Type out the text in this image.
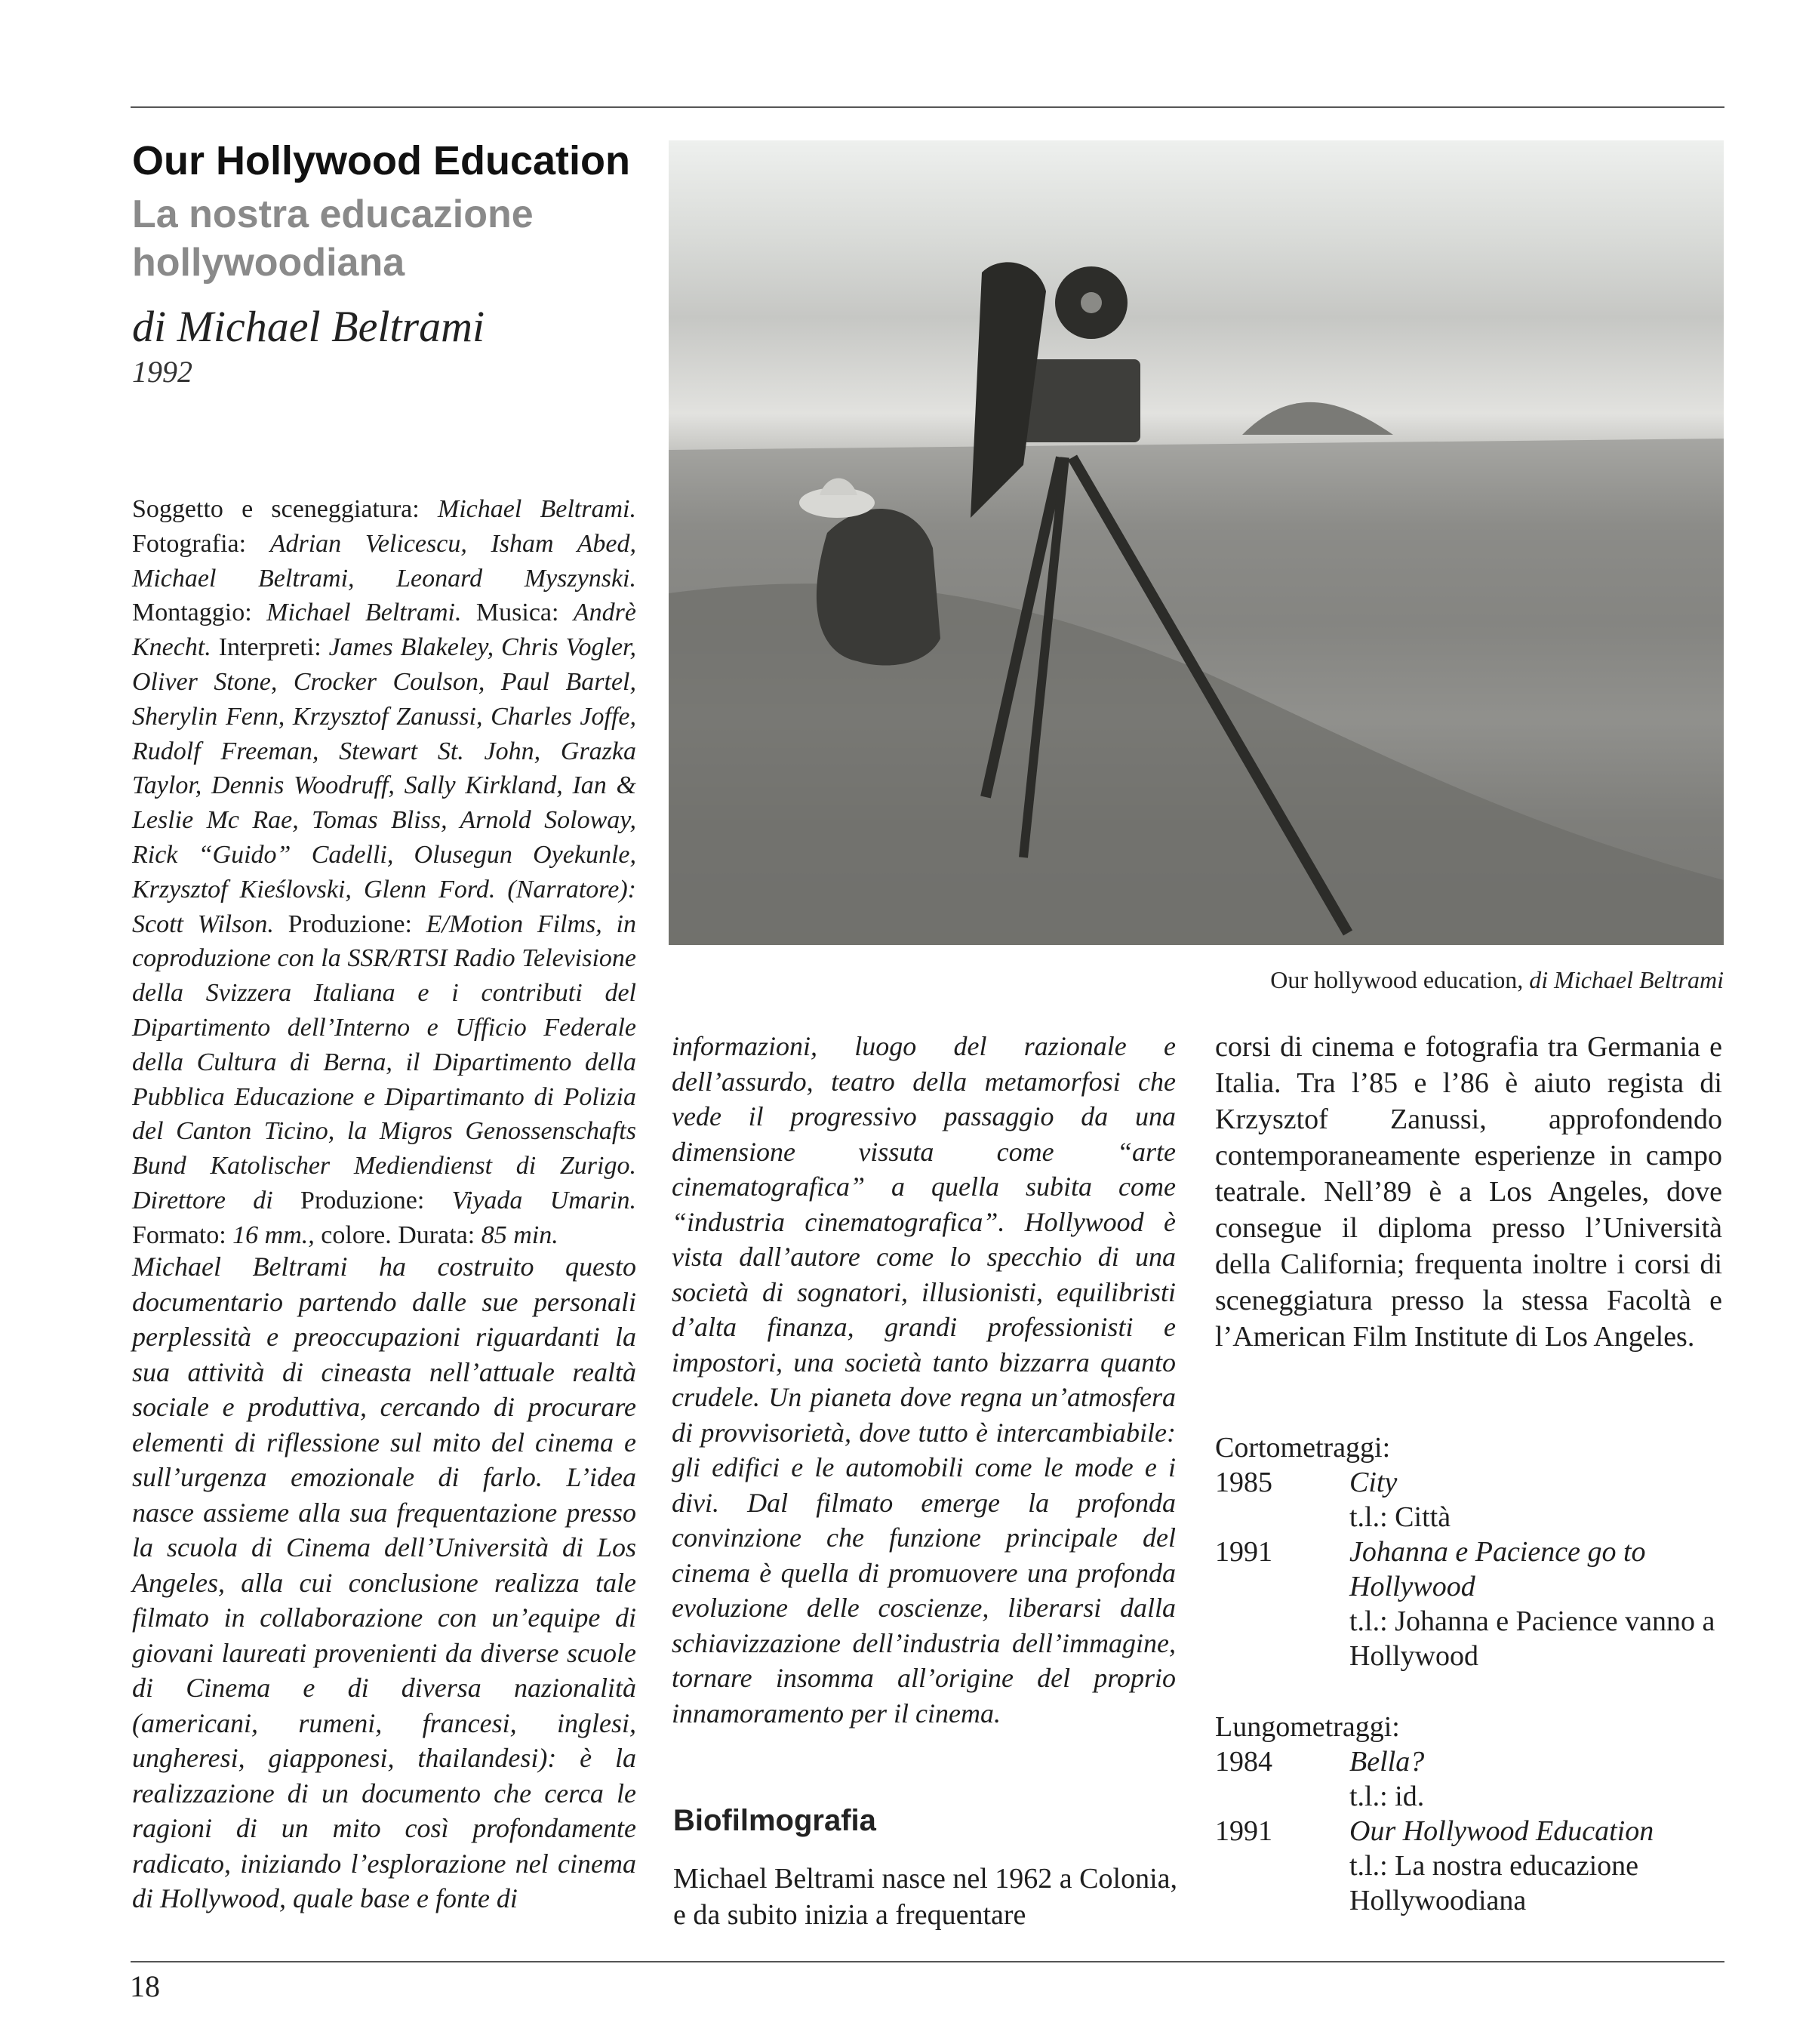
Our Hollywood Education
La nostra educazione hollywoodiana
di Michael Beltrami
1992
Soggetto e sceneggiatura: Michael Beltrami. Fotografia: Adrian Velicescu, Isham Abed, Michael Beltrami, Leonard Myszynski. Montaggio: Michael Beltrami. Musica: Andrè Knecht. Interpreti: James Blakeley, Chris Vogler, Oliver Stone, Crocker Coulson, Paul Bartel, Sherylin Fenn, Krzysztof Zanussi, Charles Joffe, Rudolf Freeman, Stewart St. John, Grazka Taylor, Dennis Woodruff, Sally Kirkland, Ian & Leslie Mc Rae, Tomas Bliss, Arnold Soloway, Rick “Guido” Cadelli, Olusegun Oyekunle, Krzysztof Kieślovski, Glenn Ford. (Narratore): Scott Wilson. Produzione: E/Motion Films, in coproduzione con la SSR/RTSI Radio Televisione della Svizzera Italiana e i contributi del Dipartimento dell’Interno e Ufficio Federale della Cultura di Berna, il Dipartimento della Pubblica Educazione e Dipartimanto di Polizia del Canton Ticino, la Migros Genossenschafts Bund Katolischer Mediendienst di Zurigo. Direttore di Produzione: Viyada Umarin. Formato: 16 mm., colore. Durata: 85 min.
Michael Beltrami ha costruito questo documentario partendo dalle sue personali perplessità e preoccupazioni riguardanti la sua attività di cineasta nell’attuale realtà sociale e produttiva, cercando di procurare elementi di riflessione sul mito del cinema e sull’urgenza emozionale di farlo. L’idea nasce assieme alla sua frequentazione presso la scuola di Cinema dell’Università di Los Angeles, alla cui conclusione realizza tale filmato in collaborazione con un’equipe di giovani laureati provenienti da diverse scuole di Cinema e di diversa nazionalità (americani, rumeni, francesi, inglesi, ungheresi, giapponesi, thailandesi): è la realizzazione di un documento che cerca le ragioni di un mito così profondamente radicato, iniziando l’esplorazione nel cinema di Hollywood, quale base e fonte di
Our hollywood education, di Michael Beltrami
informazioni, luogo del razionale e dell’assurdo, teatro della metamorfosi che vede il progressivo passaggio da una dimensione vissuta come “arte cinematografica” a quella subita come “industria cinematografica”. Hollywood è vista dall’autore come lo specchio di una società di sognatori, illusionisti, equilibristi d’alta finanza, grandi professionisti e impostori, una società tanto bizzarra quanto crudele. Un pianeta dove regna un’atmosfera di provvisorietà, dove tutto è intercambiabile: gli edifici e le automobili come le mode e i divi. Dal filmato emerge la profonda convinzione che funzione principale del cinema è quella di promuovere una profonda evoluzione delle coscienze, liberarsi dalla schiavizzazione dell’industria dell’immagine, tornare insomma all’origine del proprio innamoramento per il cinema.
Biofilmografia
Michael Beltrami nasce nel 1962 a Colonia, e da subito inizia a frequentare
corsi di cinema e fotografia tra Germania e Italia. Tra l’85 e l’86 è aiuto regista di Krzysztof Zanussi, approfondendo contemporaneamente esperienze in campo teatrale. Nell’89 è a Los Angeles, dove consegue il diploma presso l’Università della California; frequenta inoltre i corsi di sceneggiatura presso la stessa Facoltà e l’American Film Institute di Los Angeles.
Cortometraggi:
1985	City
t.l.: Città
1991	Johanna e Pacience go to Hollywood
t.l.: Johanna e Pacience vanno a Hollywood
Lungometraggi:
1984	Bella?
t.l.: id.
1991	Our Hollywood Education
t.l.: La nostra educazione Hollywoodiana
18
